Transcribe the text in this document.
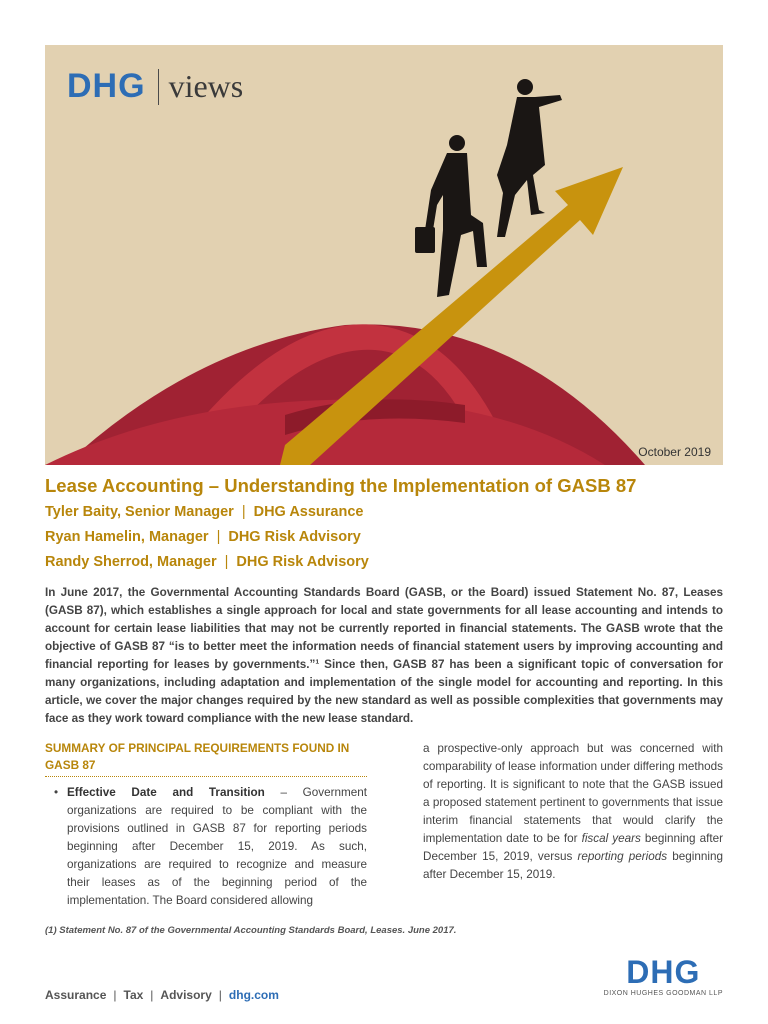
DHG views
October 2019
Lease Accounting – Understanding the Implementation of GASB 87
Tyler Baity, Senior Manager | DHG Assurance
Ryan Hamelin, Manager | DHG Risk Advisory
Randy Sherrod, Manager | DHG Risk Advisory
In June 2017, the Governmental Accounting Standards Board (GASB, or the Board) issued Statement No. 87, Leases (GASB 87), which establishes a single approach for local and state governments for all lease accounting and intends to account for certain lease liabilities that may not be currently reported in financial statements. The GASB wrote that the objective of GASB 87 “is to better meet the information needs of financial statement users by improving accounting and financial reporting for leases by governments.”¹ Since then, GASB 87 has been a significant topic of conversation for many organizations, including adaptation and implementation of the single model for accounting and reporting. In this article, we cover the major changes required by the new standard as well as possible complexities that governments may face as they work toward compliance with the new lease standard.
SUMMARY OF PRINCIPAL REQUIREMENTS FOUND IN GASB 87
• Effective Date and Transition – Government organizations are required to be compliant with the provisions outlined in GASB 87 for reporting periods beginning after December 15, 2019. As such, organizations are required to recognize and measure their leases as of the beginning period of the implementation. The Board considered allowing
a prospective-only approach but was concerned with comparability of lease information under differing methods of reporting. It is significant to note that the GASB issued a proposed statement pertinent to governments that issue interim financial statements that would clarify the implementation date to be for fiscal years beginning after December 15, 2019, versus reporting periods beginning after December 15, 2019.
(1) Statement No. 87 of the Governmental Accounting Standards Board, Leases. June 2017.
Assurance | Tax | Advisory | dhg.com
DHG
DIXON HUGHES GOODMAN LLP
